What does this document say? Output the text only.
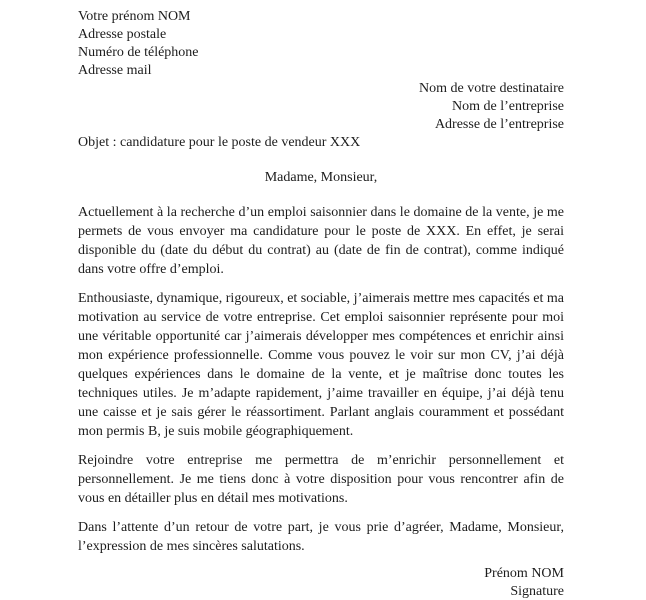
Votre prénom NOM
Adresse postale
Numéro de téléphone
Adresse mail
Nom de votre destinataire
Nom de l’entreprise
Adresse de l’entreprise
Objet : candidature pour le poste de vendeur XXX
Madame, Monsieur,

Actuellement à la recherche d’un emploi saisonnier dans le domaine de la vente, je me permets de vous envoyer ma candidature pour le poste de XXX. En effet, je serai disponible du (date du début du contrat) au (date de fin de contrat), comme indiqué dans votre offre d’emploi.

Enthousiaste, dynamique, rigoureux, et sociable, j’aimerais mettre mes capacités et ma motivation au service de votre entreprise. Cet emploi saisonnier représente pour moi une véritable opportunité car j’aimerais développer mes compétences et enrichir ainsi mon expérience professionnelle. Comme vous pouvez le voir sur mon CV, j’ai déjà quelques expériences dans le domaine de la vente, et je maîtrise donc toutes les techniques utiles. Je m’adapte rapidement, j’aime travailler en équipe, j’ai déjà tenu une caisse et je sais gérer le réassortiment. Parlant anglais couramment et possédant mon permis B, je suis mobile géographiquement.

Rejoindre votre entreprise me permettra de m’enrichir personnellement et personnellement. Je me tiens donc à votre disposition pour vous rencontrer afin de vous en détailler plus en détail mes motivations.

Dans l’attente d’un retour de votre part, je vous prie d’agréer, Madame, Monsieur, l’expression de mes sincères salutations.

Prénom NOM
Signature
